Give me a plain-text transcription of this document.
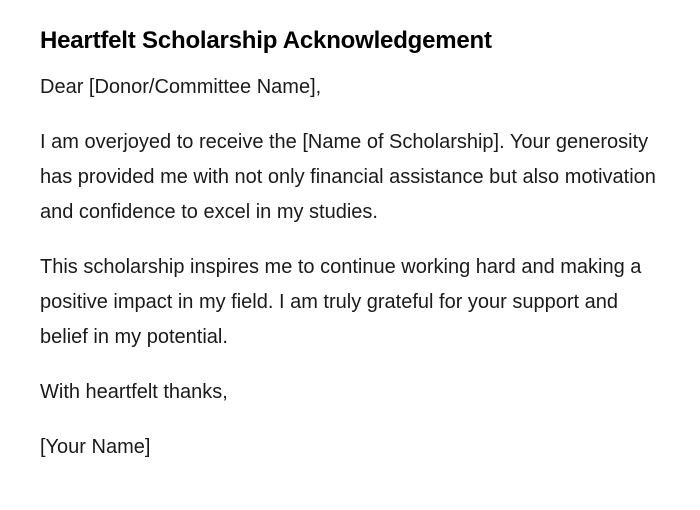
Heartfelt Scholarship Acknowledgement

Dear [Donor/Committee Name],

I am overjoyed to receive the [Name of Scholarship]. Your generosity has provided me with not only financial assistance but also motivation and confidence to excel in my studies.

This scholarship inspires me to continue working hard and making a positive impact in my field. I am truly grateful for your support and belief in my potential.

With heartfelt thanks,

[Your Name]
